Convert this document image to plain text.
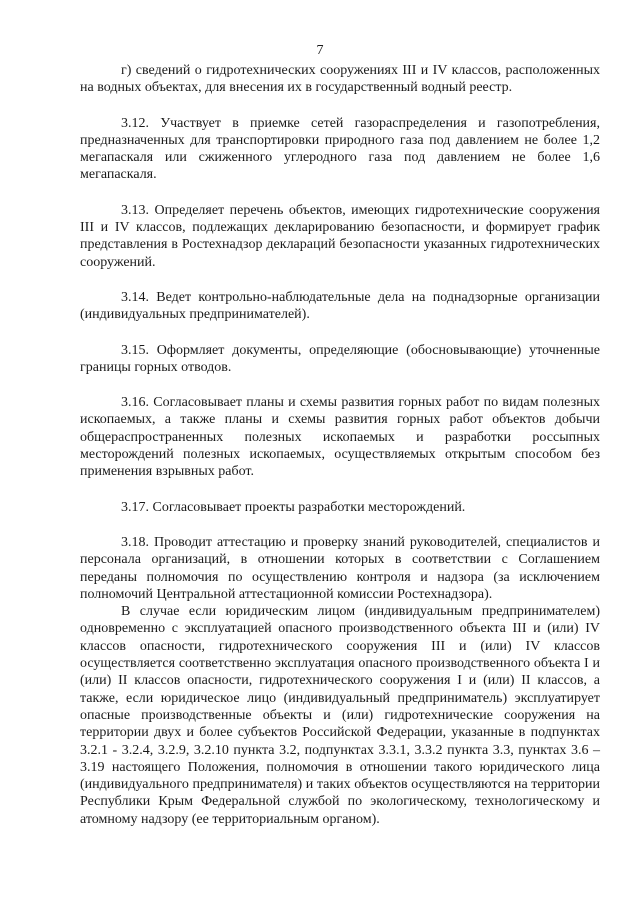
7

г) сведений о гидротехнических сооружениях III и IV классов, расположенных на водных объектах, для внесения их в государственный водный реестр.

3.12. Участвует в приемке сетей газораспределения и газопотребления, предназначенных для транспортировки природного газа под давлением не более 1,2 мегапаскаля или сжиженного углеродного газа под давлением не более 1,6 мегапаскаля.

3.13. Определяет перечень объектов, имеющих гидротехнические сооружения III и IV классов, подлежащих декларированию безопасности, и формирует график представления в Ростехнадзор деклараций безопасности указанных гидротехнических сооружений.

3.14. Ведет контрольно-наблюдательные дела на поднадзорные организации (индивидуальных предпринимателей).

3.15. Оформляет документы, определяющие (обосновывающие) уточненные границы горных отводов.

3.16. Согласовывает планы и схемы развития горных работ по видам полезных ископаемых, а также планы и схемы развития горных работ объектов добычи общераспространенных полезных ископаемых и разработки россыпных месторождений полезных ископаемых, осуществляемых открытым способом без применения взрывных работ.

3.17. Согласовывает проекты разработки месторождений.

3.18. Проводит аттестацию и проверку знаний руководителей, специалистов и персонала организаций, в отношении которых в соответствии с Соглашением переданы полномочия по осуществлению контроля и надзора (за исключением полномочий Центральной аттестационной комиссии Ростехнадзора).

В случае если юридическим лицом (индивидуальным предпринимателем) одновременно с эксплуатацией опасного производственного объекта III и (или) IV классов опасности, гидротехнического сооружения III и (или) IV классов осуществляется соответственно эксплуатация опасного производственного объекта I и (или) II классов опасности, гидротехнического сооружения I и (или) II классов, а также, если юридическое лицо (индивидуальный предприниматель) эксплуатирует опасные производственные объекты и (или) гидротехнические сооружения на территории двух и более субъектов Российской Федерации, указанные в подпунктах 3.2.1 - 3.2.4, 3.2.9, 3.2.10 пункта 3.2, подпунктах 3.3.1, 3.3.2 пункта 3.3, пунктах 3.6 – 3.19 настоящего Положения, полномочия в отношении такого юридического лица (индивидуального предпринимателя) и таких объектов осуществляются на территории Республики Крым Федеральной службой по экологическому, технологическому и атомному надзору (ее территориальным органом).
